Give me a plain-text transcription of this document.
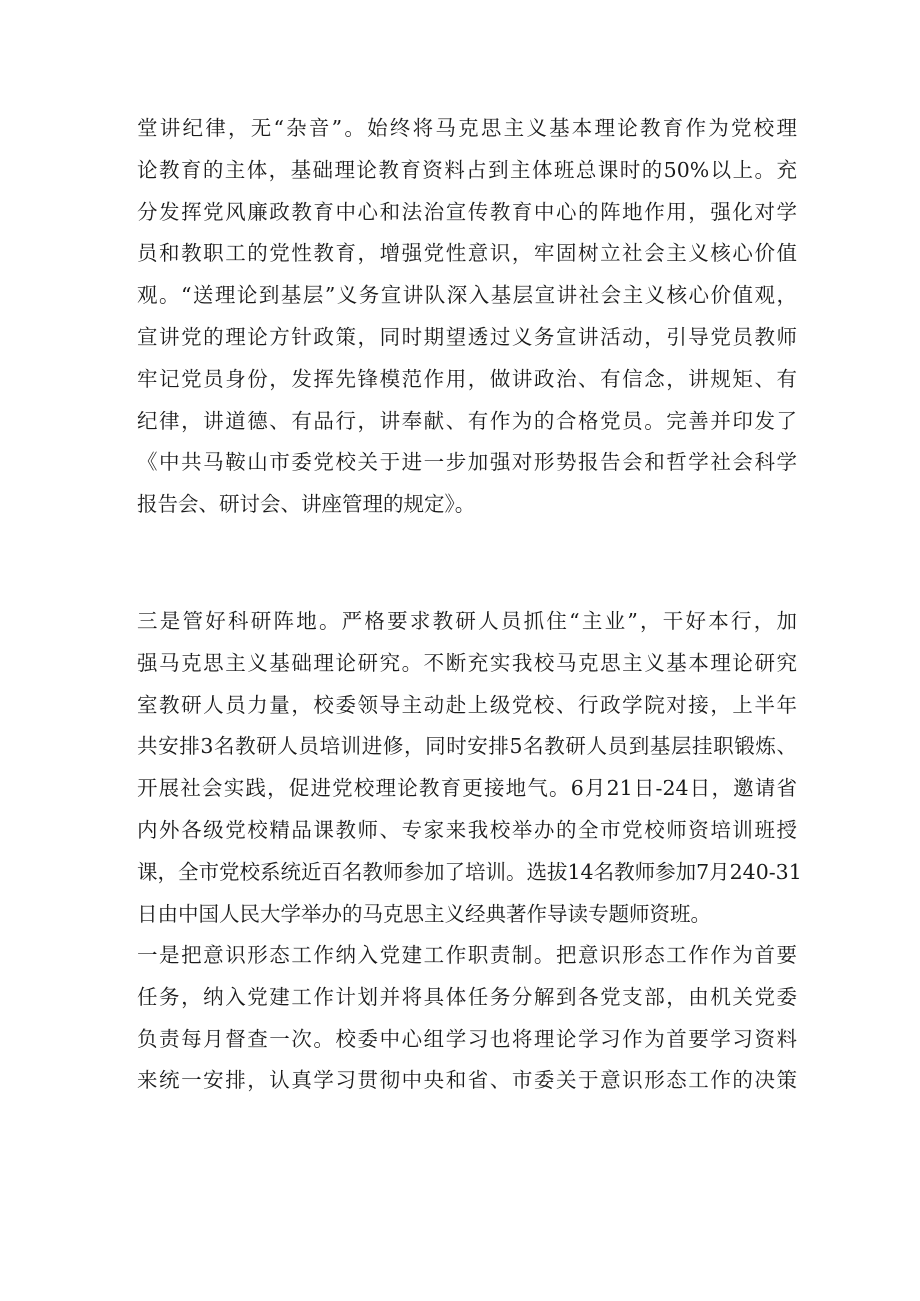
堂讲纪律，无“杂音”。始终将马克思主义基本理论教育作为党校理
论教育的主体，基础理论教育资料占到主体班总课时的50%以上。充
分发挥党风廉政教育中心和法治宣传教育中心的阵地作用，强化对学
员和教职工的党性教育，增强党性意识，牢固树立社会主义核心价值
观。“送理论到基层”义务宣讲队深入基层宣讲社会主义核心价值观，
宣讲党的理论方针政策，同时期望透过义务宣讲活动，引导党员教师
牢记党员身份，发挥先锋模范作用，做讲政治、有信念，讲规矩、有
纪律，讲道德、有品行，讲奉献、有作为的合格党员。完善并印发了
《中共马鞍山市委党校关于进一步加强对形势报告会和哲学社会科学
报告会、研讨会、讲座管理的规定》。
三是管好科研阵地。严格要求教研人员抓住“主业”，干好本行，加
强马克思主义基础理论研究。不断充实我校马克思主义基本理论研究
室教研人员力量，校委领导主动赴上级党校、行政学院对接，上半年
共安排3名教研人员培训进修，同时安排5名教研人员到基层挂职锻炼、
开展社会实践，促进党校理论教育更接地气。6月21日-24日，邀请省
内外各级党校精品课教师、专家来我校举办的全市党校师资培训班授
课，全市党校系统近百名教师参加了培训。选拔14名教师参加7月240-31
日由中国人民大学举办的马克思主义经典著作导读专题师资班。
一是把意识形态工作纳入党建工作职责制。把意识形态工作作为首要
任务，纳入党建工作计划并将具体任务分解到各党支部，由机关党委
负责每月督查一次。校委中心组学习也将理论学习作为首要学习资料
来统一安排，认真学习贯彻中央和省、市委关于意识形态工作的决策
